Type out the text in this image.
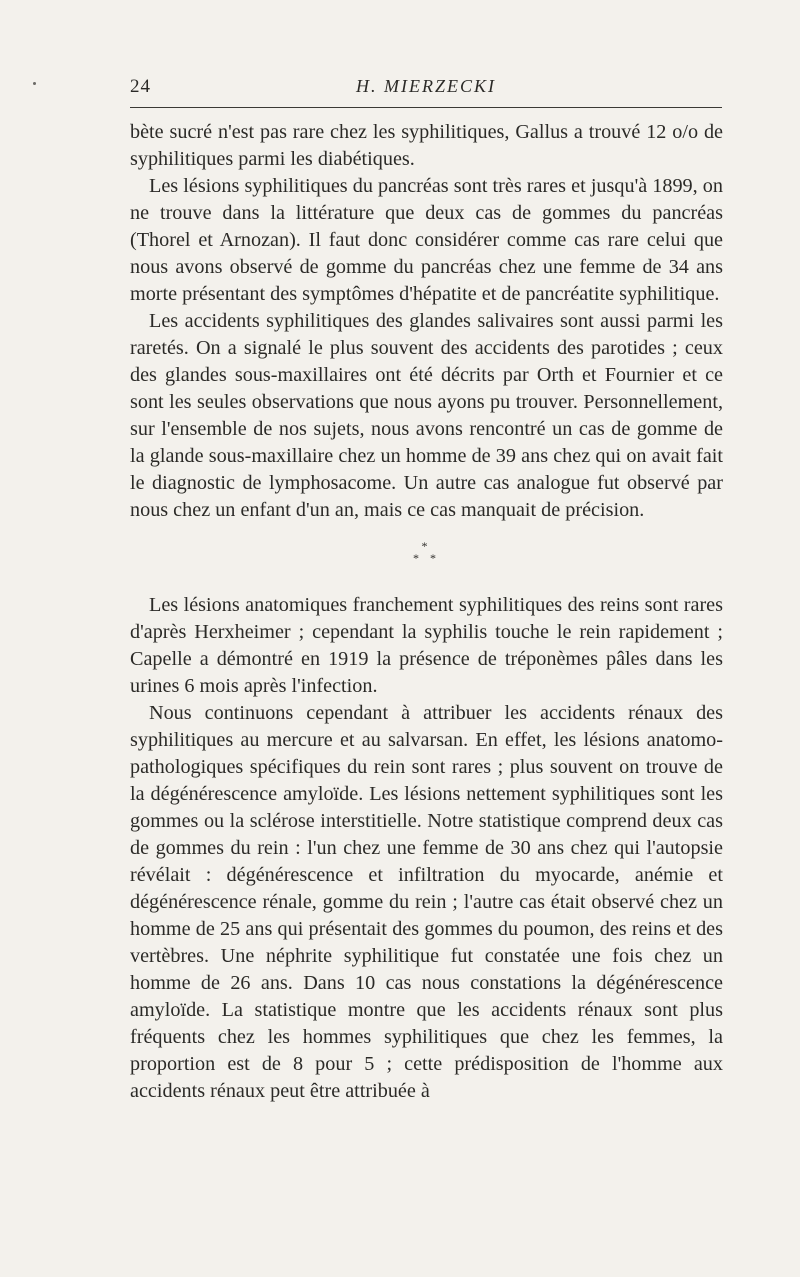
24	H. MIERZECKI

bète sucré n'est pas rare chez les syphilitiques, Gallus a trouvé 12 o/o de syphilitiques parmi les diabétiques.

Les lésions syphilitiques du pancréas sont très rares et jusqu'à 1899, on ne trouve dans la littérature que deux cas de gommes du pancréas (Thorel et Arnozan). Il faut donc considérer comme cas rare celui que nous avons observé de gomme du pancréas chez une femme de 34 ans morte présentant des symptômes d'hépatite et de pancréatite syphilitique.

Les accidents syphilitiques des glandes salivaires sont aussi parmi les raretés. On a signalé le plus souvent des accidents des parotides ; ceux des glandes sous-maxillaires ont été décrits par Orth et Fournier et ce sont les seules observations que nous ayons pu trouver. Personnellement, sur l'ensemble de nos sujets, nous avons rencontré un cas de gomme de la glande sous-maxillaire chez un homme de 39 ans chez qui on avait fait le diagnostic de lymphosacome. Un autre cas analogue fut observé par nous chez un enfant d'un an, mais ce cas manquait de précision.

*
* *

Les lésions anatomiques franchement syphilitiques des reins sont rares d'après Herxheimer ; cependant la syphilis touche le rein rapidement ; Capelle a démontré en 1919 la présence de tréponèmes pâles dans les urines 6 mois après l'infection.

Nous continuons cependant à attribuer les accidents rénaux des syphilitiques au mercure et au salvarsan. En effet, les lésions anatomo-pathologiques spécifiques du rein sont rares ; plus souvent on trouve de la dégénérescence amyloïde. Les lésions nettement syphilitiques sont les gommes ou la sclérose interstitielle. Notre statistique comprend deux cas de gommes du rein : l'un chez une femme de 30 ans chez qui l'autopsie révélait : dégénérescence et infiltration du myocarde, anémie et dégénérescence rénale, gomme du rein ; l'autre cas était observé chez un homme de 25 ans qui présentait des gommes du poumon, des reins et des vertèbres. Une néphrite syphilitique fut constatée une fois chez un homme de 26 ans. Dans 10 cas nous constations la dégénérescence amyloïde. La statistique montre que les accidents rénaux sont plus fréquents chez les hommes syphilitiques que chez les femmes, la proportion est de 8 pour 5 ; cette prédisposition de l'homme aux accidents rénaux peut être attribuée à
